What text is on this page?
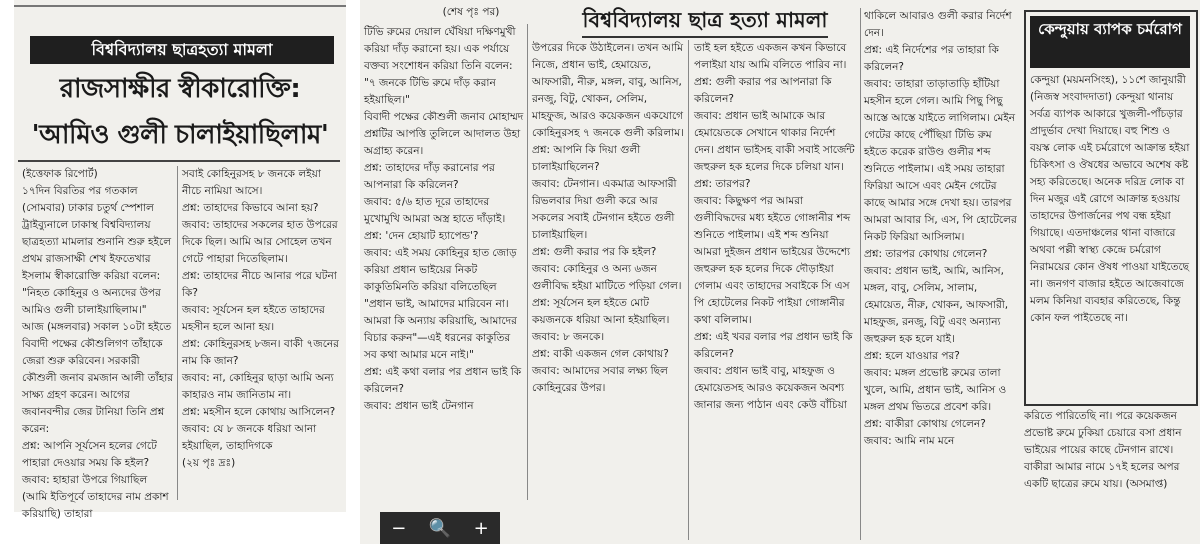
বিশ্ববিদ্যালয় ছাত্রহত্যা মামলা
রাজসাক্ষীর স্বীকারোক্তি: 'আমিও গুলী চালাইয়াছিলাম'

(ইত্তেফাক রিপোর্ট)
১৭দিন বিরতির পর গতকাল (সোমবার) ঢাকার চতুর্থ স্পেশাল ট্রাইব্যুনালে ঢাকাস্থ বিশ্ববিদ্যালয় ছাত্রহত্যা মামলার শুনানি শুরু হইলে প্রথম রাজসাক্ষী শেখ ইফতেখার ইসলাম স্বীকারোক্তি করিয়া বলেন: "নিহত কোহিনুর ও অন্যদের উপর আমিও গুলী চালাইয়াছিলাম।"
আজ (মঙ্গলবার) সকাল ১০টা হইতে বিবাদী পক্ষের কৌশুলিগণ তাঁহাকে জেরা শুরু করিবেন। সরকারী কৌশুলী জনাব রমজান আলী তাঁহার সাক্ষ্য গ্রহণ করেন। আগের জবানবন্দীর জের টানিয়া তিনি প্রশ্ন করেন:
প্রশ্ন: আপনি সূর্যসেন হলের গেটে পাহারা দেওয়ার সময় কি হইল?
জবাব: হাহারা উপরে গিয়াছিল (আমি ইতিপূর্বে তাহাদের নাম প্রকাশ করিয়াছি) তাহারা

সবাই কোহিনুরসহ ৮ জনকে লইয়া নীচে নামিয়া আসে।
প্রশ্ন: তাহাদের কিভাবে আনা হয়?
জবাব: তাহাদের সকলের হাত উপরের দিকে ছিল। আমি আর সোহেল তখন গেটে পাহারা দিতেছিলাম।
প্রশ্ন: তাহাদের নীচে আনার পরে ঘটনা কি?
জবাব: সূর্যসেন হল হইতে তাহাদের মহসীন হলে আনা হয়।
প্রশ্ন: কোহিনুরসহ ৮জন। বাকী ৭জনের নাম কি জান?
জবাব: না, কোহিনুর ছাড়া আমি অন্য কাহারও নাম জানিতাম না।
প্রশ্ন: মহসীন হলে কোথায় আসিলেন?
জবাব: যে ৮ জনকে ধরিয়া আনা হইয়াছিল, তাহাদিগকে
(২য় পৃঃ দ্রঃ)

(শেষ পৃঃ পর)	বিশ্ববিদ্যালয় ছাত্র হত্যা মামলা

টিভি রুমের দেয়াল ঘেঁষিয়া দক্ষিণমুখী করিয়া দাঁড় করানো হয়। এক পর্যায়ে বক্তব্য সংশোধন করিয়া তিনি বলেন: "৭ জনকে টিভি রুমে দাঁড় করান হইয়াছিল।"
বিবাদী পক্ষের কৌশুলী জনাব মোহাম্মদ প্রশ্নটির আপত্তি তুলিলে আদালত উহা অগ্রাহ্য করেন।
প্রশ্ন: তাহাদের দাঁড় করানোর পর আপনারা কি করিলেন?
জবাব: ৫/৬ হাত দূরে তাহাদের মুখোমুখি আমরা অস্ত্র হাতে দাঁড়াই।
প্রশ্ন: 'দেন হোয়াট হ্যাপেন্ড'?
জবাব: এই সময় কোহিনুর হাত জোড় করিয়া প্রধান ভাইয়ের নিকট কাকুতিমিনতি করিয়া বলিতেছিল "প্রধান ভাই, আমাদের মারিবেন না। আমরা কি অন্যায় করিয়াছি, আমাদের বিচার করুন"—এই ধরনের কাকুতির সব কথা আমার মনে নাই।"
প্রশ্ন: এই কথা বলার পর প্রধান ভাই কি করিলেন?
জবাব: প্রধান ভাই টেনগান

উপরের দিকে উঠাইলেন। তখন আমি নিজে, প্রধান ভাই, হেমায়েত, আফসারী, নীরু, মঙ্গল, বাবু, আনিস, রনজু, বিটু, খোকন, সেলিম, মাহফুজ, আরও কয়েকজন একযোগে কোহিনুরসহ ৭ জনকে গুলী করিলাম।
প্রশ্ন: আপনি কি দিয়া গুলী চালাইয়াছিলেন?
জবাব: টেনগান। একমাত্র আফসারী রিভলবার দিয়া গুলী করে আর সকলের সবাই টেনগান হইতে গুলী চালাইয়াছিল।
প্রশ্ন: গুলী করার পর কি হইল?
জবাব: কোহিনুর ও অন্য ৬জন গুলীবিদ্ধ হইয়া মাটিতে পড়িয়া গেল।
প্রশ্ন: সূর্যসেন হল হইতে মোট কয়জনকে ধরিয়া আনা হইয়াছিল।
জবাব: ৮ জনকে।
প্রশ্ন: বাকী একজন গেল কোথায়?
জবাব: আমাদের সবার লক্ষ্য ছিল কোহিনুরের উপর।

তাই হল হইতে একজন কখন কিভাবে পলাইয়া যায় আমি বলিতে পারিব না।
প্রশ্ন: গুলী করার পর আপনারা কি করিলেন?
জবাব: প্রধান ভাই আমাকে আর হেমায়েতকে সেখানে থাকার নির্দেশ দেন। প্রধান ভাইসহ বাকী সবাই সার্জেন্ট জহুরুল হক হলের দিকে চলিয়া যান।
প্রশ্ন: তারপর?
জবাব: কিছুক্ষণ পর আমরা গুলীবিদ্ধদের মধ্য হইতে গোঙ্গানীর শব্দ শুনিতে পাইলাম। এই শব্দ শুনিয়া আমরা দুইজন প্রধান ভাইয়ের উদ্দেশ্যে জহুরুল হক হলের দিকে দৌড়াইয়া গেলাম এবং তাহাদের সবাইকে সি এস পি হোটেলের নিকট পাইয়া গোঙ্গানীর কথা বলিলাম।
প্রশ্ন: এই খবর বলার পর প্রধান ভাই কি করিলেন?
জবাব: প্রধান ভাই বাবু, মাহফুজ ও হেমায়েতসহ আরও কয়েকজন অবশ্য জানার জন্য পাঠান এবং কেউ বাঁচিয়া

থাকিলে আবারও গুলী করার নির্দেশ দেন।
প্রশ্ন: এই নির্দেশের পর তাহারা কি করিলেন?
জবাব: তাহারা তাড়াতাড়ি হাঁটিয়া মহসীন হলে গেল। আমি পিছু পিছু আস্তে আস্তে যাইতে লাগিলাম। মেইন গেটের কাছে পৌঁছিয়া টিভি রুম হইতে করেক রাউণ্ড গুলীর শব্দ শুনিতে পাইলাম। এই সময় তাহারা ফিরিয়া আসে এবং মেইন গেটের কাছে আমার সঙ্গে দেখা হয়। তারপর আমরা আবার সি, এস, পি হোটেলের নিকট ফিরিয়া আসিলাম।
প্রশ্ন: তারপর কোথায় গেলেন?
জবাব: প্রধান ভাই, আমি, আনিস, মঙ্গল, বাবু, সেলিম, সালাম, হেমায়েত, নীরু, খোকন, আফসারী, মাহফুজ, রনজু, বিটু এবং অন্যান্য জহুরুল হক হলে যাই।
প্রশ্ন: হলে যাওয়ার পর?
জবাব: মঙ্গল প্রভোষ্ট রুমের তালা খুলে, আমি, প্রধান ভাই, আনিস ও মঙ্গল প্রথম ভিতরে প্রবেশ করি।
প্রশ্ন: বাকীরা কোথায় গেলেন?
জবাব: আমি নাম মনে

কেন্দুয়ায় ব্যাপক চর্মরোগ

কেন্দুয়া (ময়মনসিংহ), ১১শে জানুয়ারী (নিজস্ব সংবাদদাতা) কেন্দুয়া থানায় সর্বত্র ব্যাপক আকারে খুজলী-পাঁচড়ার প্রাদুর্ভাব দেখা দিয়াছে। বহু শিশু ও বয়স্ক লোক এই চর্মরোগে আক্রান্ত হইয়া চিকিৎসা ও ঔষধের অভাবে অশেষ কষ্ট সহ্য করিতেছে। অনেক দরিদ্র লোক বা দিন মজুর এই রোগে আক্রান্ত হওয়ায় তাহাদের উপার্জনের পথ বন্ধ হইয়া গিয়াছে। এতদাঞ্চলের থানা বাজারে অথবা পল্লী স্বাস্থ্য কেন্দ্রে চর্মরোগ নিরাময়ের কোন ঔষধ পাওয়া যাইতেছে না। জনগণ বাজার হইতে আজেবাজে মলম কিনিয়া ব্যবহার করিতেছে, কিন্তু কোন ফল পাইতেছে না।

করিতে পারিতেছি না। পরে কয়েকজন প্রভোষ্ট রুমে ঢুকিয়া চেয়ারে বসা প্রধান ভাইয়ের পায়ের কাছে টেনগান রাখে। বাকীরা আমার নামে ১৭ই হলের অপর একটি ছাত্রের রুমে যায়। (অসমাপ্ত)

− 🔍 +
